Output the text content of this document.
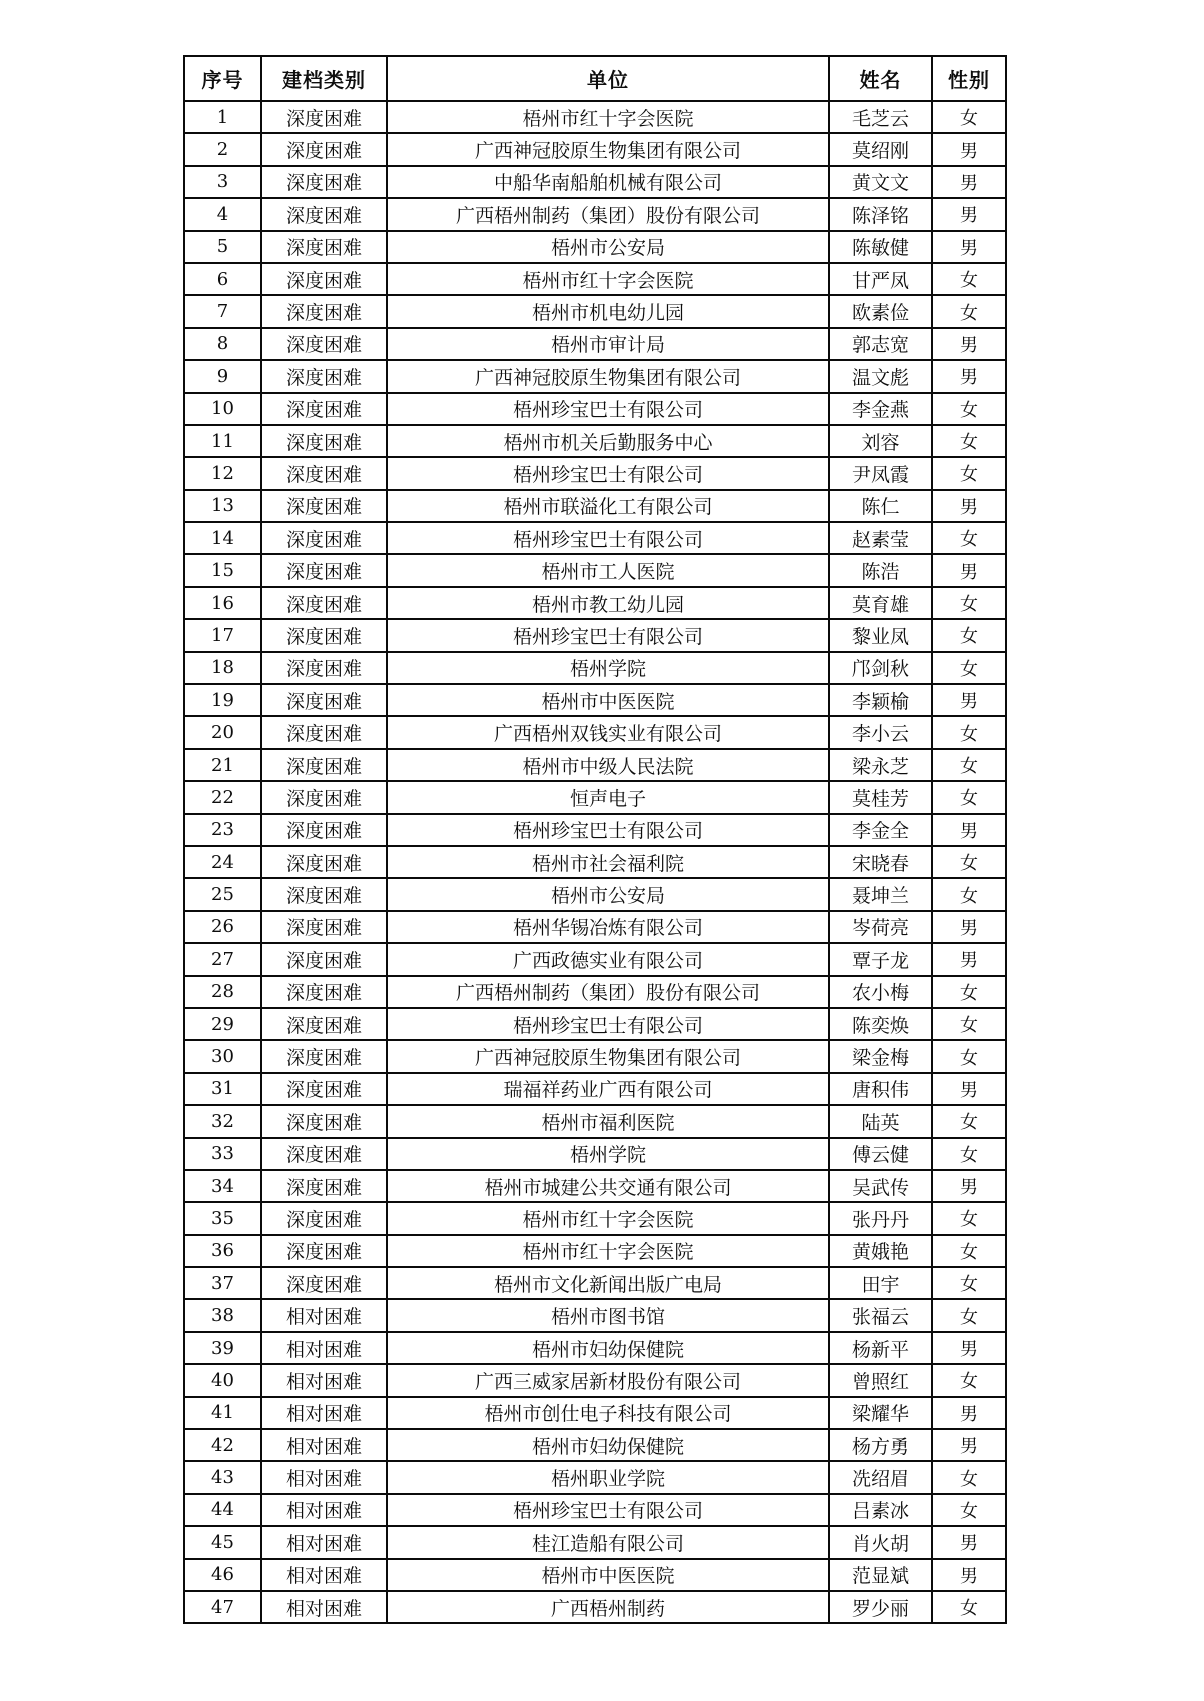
序号	建档类别	单位	姓名	性别
1	深度困难	梧州市红十字会医院	毛芝云	女
2	深度困难	广西神冠胶原生物集团有限公司	莫绍刚	男
3	深度困难	中船华南船舶机械有限公司	黄文文	男
4	深度困难	广西梧州制药（集团）股份有限公司	陈泽铭	男
5	深度困难	梧州市公安局	陈敏健	男
6	深度困难	梧州市红十字会医院	甘严凤	女
7	深度困难	梧州市机电幼儿园	欧素俭	女
8	深度困难	梧州市审计局	郭志宽	男
9	深度困难	广西神冠胶原生物集团有限公司	温文彪	男
10	深度困难	梧州珍宝巴士有限公司	李金燕	女
11	深度困难	梧州市机关后勤服务中心	刘容	女
12	深度困难	梧州珍宝巴士有限公司	尹凤霞	女
13	深度困难	梧州市联溢化工有限公司	陈仁	男
14	深度困难	梧州珍宝巴士有限公司	赵素莹	女
15	深度困难	梧州市工人医院	陈浩	男
16	深度困难	梧州市教工幼儿园	莫育雄	女
17	深度困难	梧州珍宝巴士有限公司	黎业凤	女
18	深度困难	梧州学院	邝剑秋	女
19	深度困难	梧州市中医医院	李颖榆	男
20	深度困难	广西梧州双钱实业有限公司	李小云	女
21	深度困难	梧州市中级人民法院	梁永芝	女
22	深度困难	恒声电子	莫桂芳	女
23	深度困难	梧州珍宝巴士有限公司	李金全	男
24	深度困难	梧州市社会福利院	宋晓春	女
25	深度困难	梧州市公安局	聂坤兰	女
26	深度困难	梧州华锡冶炼有限公司	岑荷亮	男
27	深度困难	广西政德实业有限公司	覃子龙	男
28	深度困难	广西梧州制药（集团）股份有限公司	农小梅	女
29	深度困难	梧州珍宝巴士有限公司	陈奕焕	女
30	深度困难	广西神冠胶原生物集团有限公司	梁金梅	女
31	深度困难	瑞福祥药业广西有限公司	唐积伟	男
32	深度困难	梧州市福利医院	陆英	女
33	深度困难	梧州学院	傅云健	女
34	深度困难	梧州市城建公共交通有限公司	吴武传	男
35	深度困难	梧州市红十字会医院	张丹丹	女
36	深度困难	梧州市红十字会医院	黄娥艳	女
37	深度困难	梧州市文化新闻出版广电局	田宇	女
38	相对困难	梧州市图书馆	张福云	女
39	相对困难	梧州市妇幼保健院	杨新平	男
40	相对困难	广西三威家居新材股份有限公司	曾照红	女
41	相对困难	梧州市创仕电子科技有限公司	梁耀华	男
42	相对困难	梧州市妇幼保健院	杨方勇	男
43	相对困难	梧州职业学院	冼绍眉	女
44	相对困难	梧州珍宝巴士有限公司	吕素冰	女
45	相对困难	桂江造船有限公司	肖火胡	男
46	相对困难	梧州市中医医院	范显斌	男
47	相对困难	广西梧州制药	罗少丽	女
